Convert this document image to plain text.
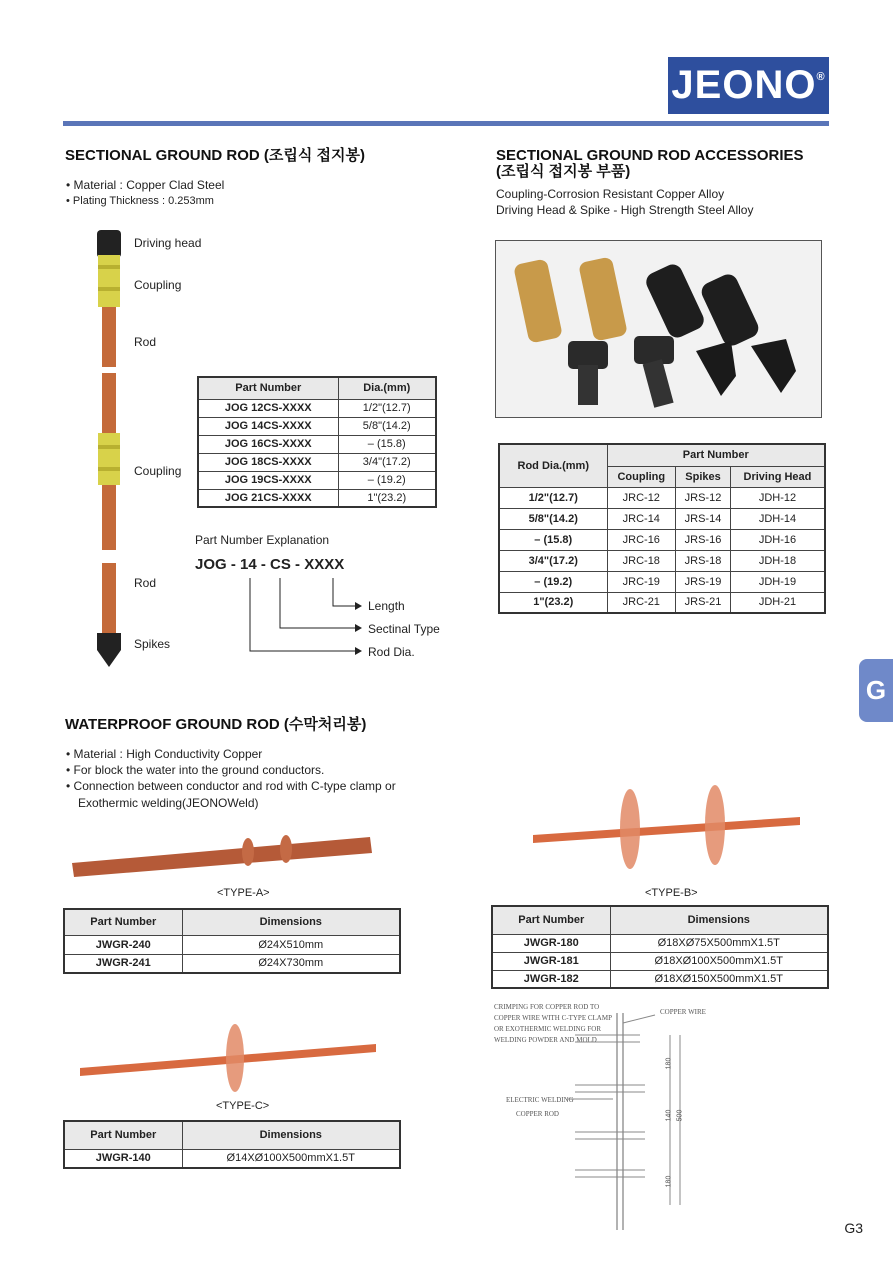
JEONO®
SECTIONAL GROUND ROD (조립식 접지봉)
• Material : Copper Clad Steel
• Plating Thickness : 0.253mm
Driving head
Coupling
Rod
Coupling
Rod
Spikes
Part Number	Dia.(mm)
JOG 12CS-XXXX	1/2"(12.7)
JOG 14CS-XXXX	5/8"(14.2)
JOG 16CS-XXXX	– (15.8)
JOG 18CS-XXXX	3/4"(17.2)
JOG 19CS-XXXX	– (19.2)
JOG 21CS-XXXX	1"(23.2)
Part Number Explanation
JOG - 14 - CS - XXXX
Length
Sectinal Type
Rod Dia.
SECTIONAL GROUND ROD ACCESSORIES
(조립식 접지봉 부품)
Coupling-Corrosion Resistant Copper Alloy
Driving Head & Spike - High Strength Steel Alloy
Rod Dia.(mm)	Part Number		
	Coupling	Spikes	Driving Head
1/2"(12.7)	JRC-12	JRS-12	JDH-12
5/8"(14.2)	JRC-14	JRS-14	JDH-14
– (15.8)	JRC-16	JRS-16	JDH-16
3/4"(17.2)	JRC-18	JRS-18	JDH-18
– (19.2)	JRC-19	JRS-19	JDH-19
1"(23.2)	JRC-21	JRS-21	JDH-21
G
WATERPROOF GROUND ROD (수막처리봉)
• Material : High Conductivity Copper
• For block the water into the ground conductors.
• Connection between conductor and rod with C-type clamp or
Exothermic welding(JEONOWeld)
<TYPE-A>
Part Number	Dimensions
JWGR-240	Ø24X510mm
JWGR-241	Ø24X730mm
<TYPE-B>
Part Number	Dimensions
JWGR-180	Ø18XØ75X500mmX1.5T
JWGR-181	Ø18XØ100X500mmX1.5T
JWGR-182	Ø18XØ150X500mmX1.5T
<TYPE-C>
Part Number	Dimensions
JWGR-140	Ø14XØ100X500mmX1.5T
CRIMPING FOR COPPER ROD TO COPPER WIRE WITH C-TYPE CLAMP OR EXOTHERMIC WELDING FOR WELDING POWDER AND MOLD
COPPER WIRE
ELECTRIC WELDING
COPPER ROD
180
140 500
180
G3
